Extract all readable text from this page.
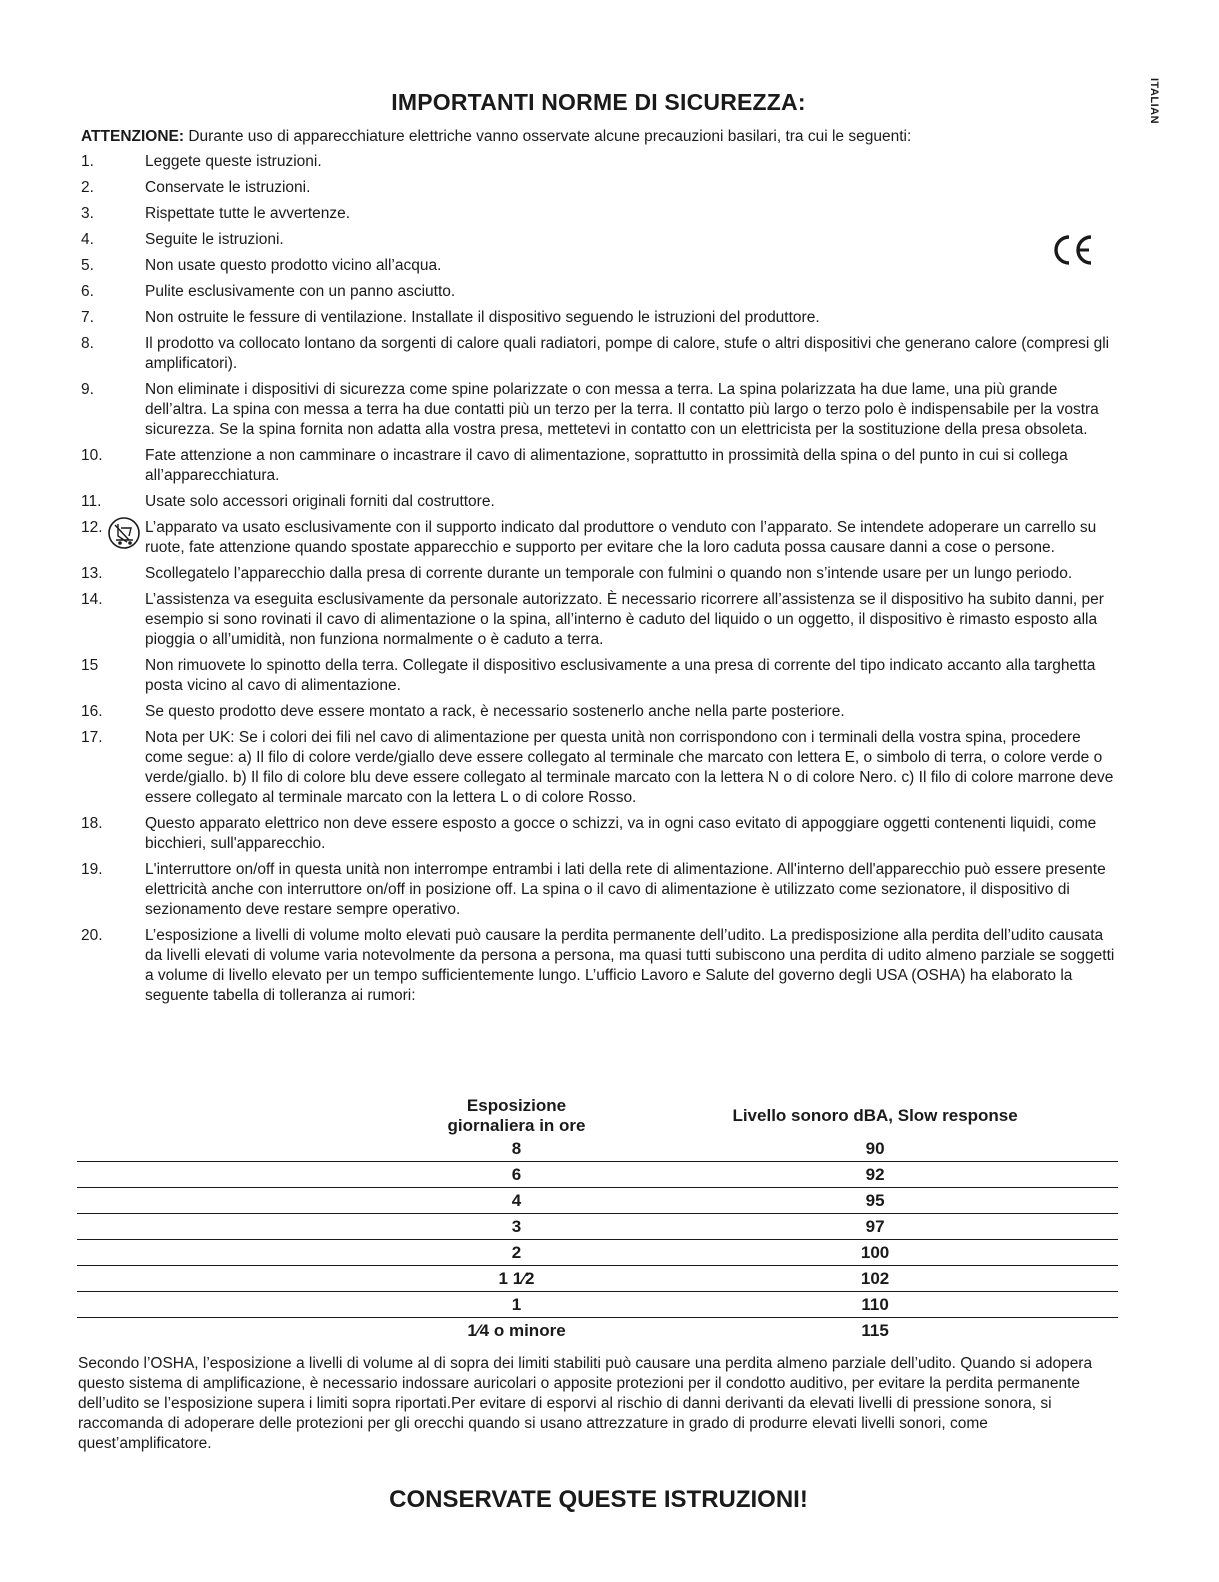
IMPORTANTI NORME DI SICUREZZA:	ITALIAN

ATTENZIONE: Durante uso di apparecchiature elettriche vanno osservate alcune precauzioni basilari, tra cui le seguenti:

1.	Leggete queste istruzioni.
2.	Conservate le istruzioni.
3.	Rispettate tutte le avvertenze.
4.	Seguite le istruzioni.
5.	Non usate questo prodotto vicino all’acqua.
6.	Pulite esclusivamente con un panno asciutto.
7.	Non ostruite le fessure di ventilazione. Installate il dispositivo seguendo le istruzioni del produttore.
8.	Il prodotto va collocato lontano da sorgenti di calore quali radiatori, pompe di calore, stufe o altri dispositivi che generano calore (compresi gli amplificatori).
9.	Non eliminate i dispositivi di sicurezza come spine polarizzate o con messa a terra. La spina polarizzata ha due lame, una più grande dell’altra. La spina con messa a terra ha due contatti più un terzo per la terra. Il contatto più largo o terzo polo è indispensabile per la vostra sicurezza. Se la spina fornita non adatta alla vostra presa, mettetevi in contatto con un elettricista per la sostituzione della presa obsoleta.
10.	Fate attenzione a non camminare o incastrare il cavo di alimentazione, soprattutto in prossimità della spina o del punto in cui si collega all’apparecchiatura.
11.	Usate solo accessori originali forniti dal costruttore.
12.	L’apparato va usato esclusivamente con il supporto indicato dal produttore o venduto con l’apparato. Se intendete adoperare un carrello su ruote, fate attenzione quando spostate apparecchio e supporto per evitare che la loro caduta possa causare danni a cose o persone.
13.	Scollegatelo l’apparecchio dalla presa di corrente durante un temporale con fulmini o quando non s’intende usare per un lungo periodo.
14.	L’assistenza va eseguita esclusivamente da personale autorizzato. È necessario ricorrere all’assistenza se il dispositivo ha subito danni, per esempio si sono rovinati il cavo di alimentazione o la spina, all’interno è caduto del liquido o un oggetto, il dispositivo è rimasto esposto alla pioggia o all’umidità, non funziona normalmente o è caduto a terra.
15	Non rimuovete lo spinotto della terra. Collegate il dispositivo esclusivamente a una presa di corrente del tipo indicato accanto alla targhetta posta vicino al cavo di alimentazione.
16.	Se questo prodotto deve essere montato a rack, è necessario sostenerlo anche nella parte posteriore.
17.	Nota per UK: Se i colori dei fili nel cavo di alimentazione per questa unità non corrispondono con i terminali della vostra spina, procedere come segue: a) Il filo di colore verde/giallo deve essere collegato al terminale che marcato con lettera E, o simbolo di terra, o colore verde o verde/giallo. b) Il filo di colore blu deve essere collegato al terminale marcato con la lettera N o di colore Nero. c) Il filo di colore marrone deve essere collegato al terminale marcato con la lettera L o di colore Rosso.
18.	Questo apparato elettrico non deve essere esposto a gocce o schizzi, va in ogni caso evitato di appoggiare oggetti contenenti liquidi, come bicchieri, sull'apparecchio.
19.	L'interruttore on/off in questa unità non interrompe entrambi i lati della rete di alimentazione. All'interno dell'apparecchio può essere presente elettricità anche con interruttore on/off in posizione off. La spina o il cavo di alimentazione è utilizzato come sezionatore, il dispositivo di sezionamento deve restare sempre operativo.
20.	L’esposizione a livelli di volume molto elevati può causare la perdita permanente dell’udito. La predisposizione alla perdita dell’udito causata da livelli elevati di volume varia notevolmente da persona a persona, ma quasi tutti subiscono una perdita di udito almeno parziale se soggetti a volume di livello elevato per un tempo sufficientemente lungo. L’ufficio Lavoro e Salute del governo degli USA (OSHA) ha elaborato la seguente tabella di tolleranza ai rumori:
	Esposizione giornaliera in ore		Livello sonoro dBA, Slow response
	8		90
	6		92
	4		95
	3		97
	2		100
	1 1⁄2		102
	1		110
	1⁄4 o minore		115

Secondo l’OSHA, l’esposizione a livelli di volume al di sopra dei limiti stabiliti può causare una perdita almeno parziale dell’udito. Quando si adopera questo sistema di amplificazione, è necessario indossare auricolari o apposite protezioni per il condotto auditivo, per evitare la perdita permanente dell’udito se l’esposizione supera i limiti sopra riportati.Per evitare di esporvi al rischio di danni derivanti da elevati livelli di pressione sonora, si raccomanda di adoperare delle protezioni per gli orecchi quando si usano attrezzature in grado di produrre elevati livelli sonori, come quest’amplificatore.

CONSERVATE QUESTE ISTRUZIONI!
